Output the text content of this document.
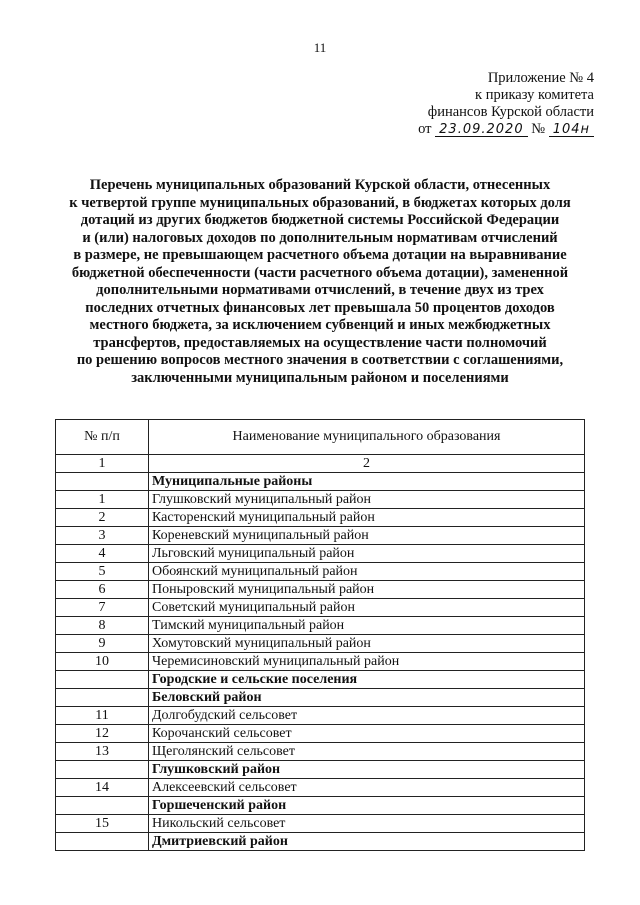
11
Приложение № 4
к приказу комитета
финансов Курской области
от 23.09.2020 № 104н
Перечень муниципальных образований Курской области, отнесенных
к четвертой группе муниципальных образований, в бюджетах которых доля
дотаций из других бюджетов бюджетной системы Российской Федерации
и (или) налоговых доходов по дополнительным нормативам отчислений
в размере, не превышающем расчетного объема дотации на выравнивание
бюджетной обеспеченности (части расчетного объема дотации), замененной
дополнительными нормативами отчислений, в течение двух из трех
последних отчетных финансовых лет превышала 50 процентов доходов
местного бюджета, за исключением субвенций и иных межбюджетных
трансфертов, предоставляемых на осуществление части полномочий
по решению вопросов местного значения в соответствии с соглашениями,
заключенными муниципальным районом и поселениями
№ п/п	Наименование муниципального образования
1	2
	Муниципальные районы
1	Глушковский муниципальный район
2	Касторенский муниципальный район
3	Кореневский муниципальный район
4	Льговский муниципальный район
5	Обоянский муниципальный район
6	Поныровский муниципальный район
7	Советский муниципальный район
8	Тимский муниципальный район
9	Хомутовский муниципальный район
10	Черемисиновский муниципальный район
	Городские и сельские поселения
	Беловский район
11	Долгобудский сельсовет
12	Корочанский сельсовет
13	Щеголянский сельсовет
	Глушковский район
14	Алексеевский сельсовет
	Горшеченский район
15	Никольский сельсовет
	Дмитриевский район
